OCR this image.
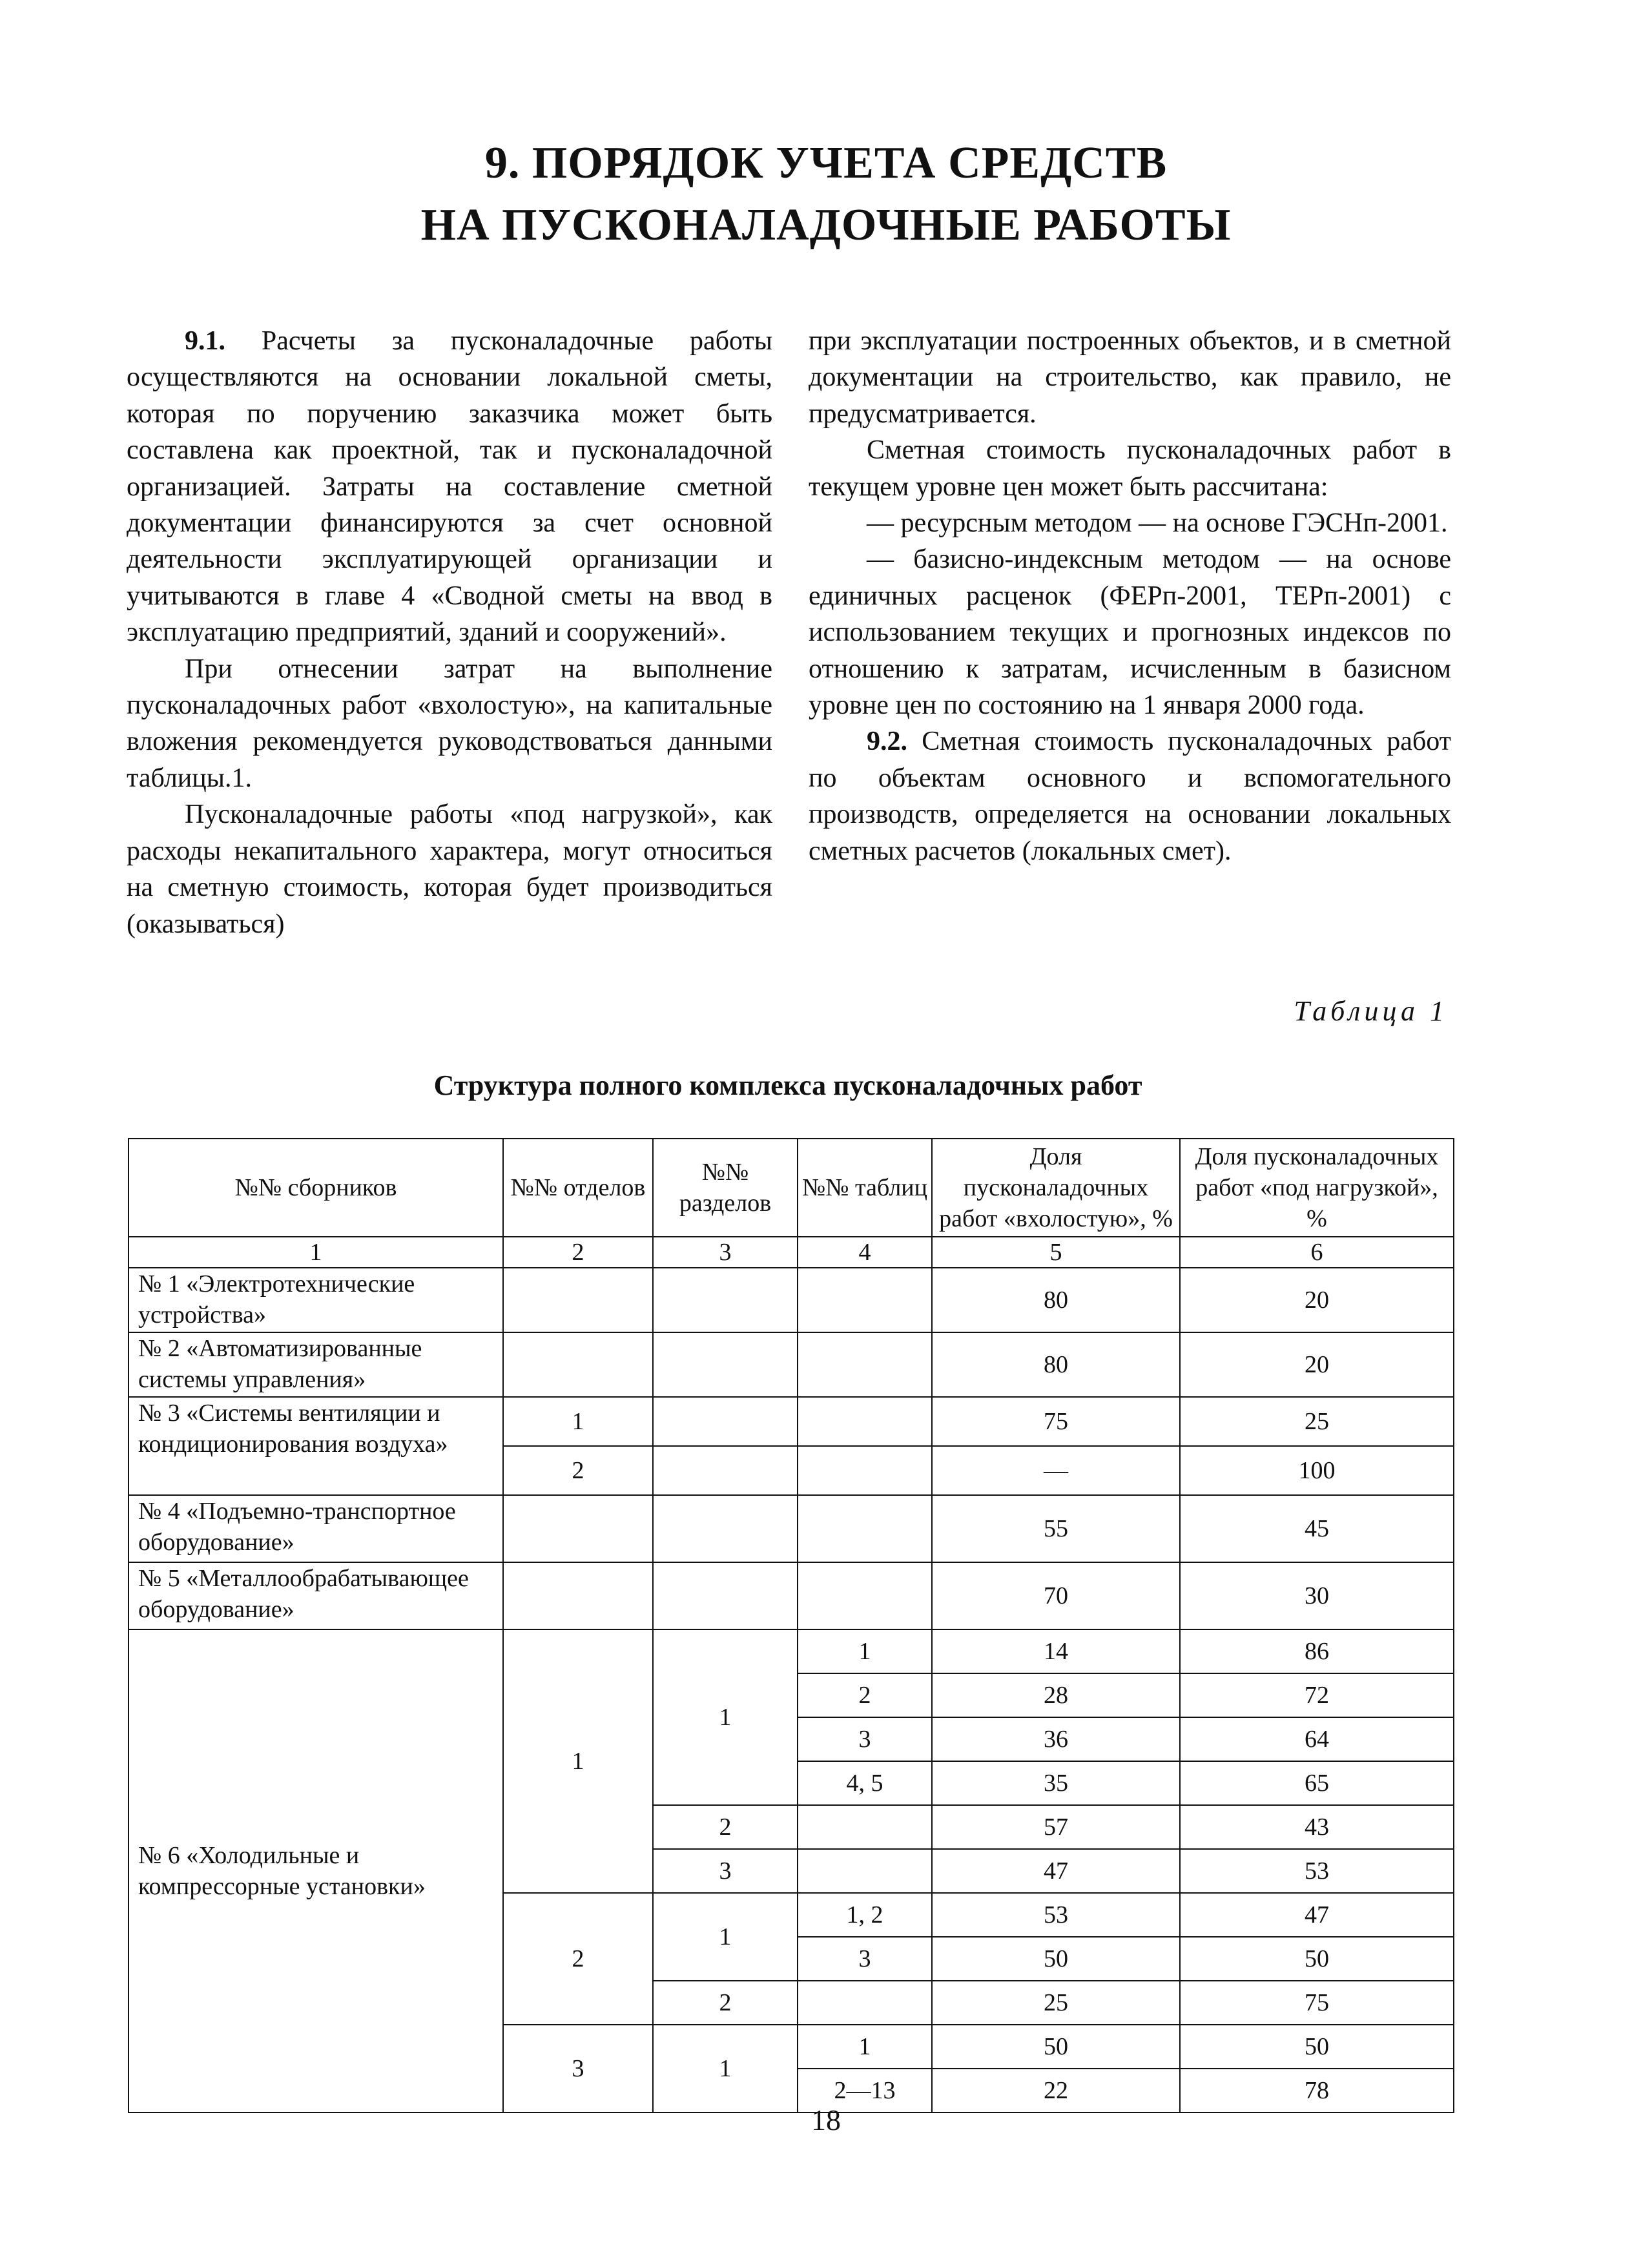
9. ПОРЯДОК УЧЕТА СРЕДСТВ
НА ПУСКОНАЛАДОЧНЫЕ РАБОТЫ

9.1. Расчеты за пусконаладочные работы осуществляются на основании локальной сметы, которая по поручению заказчика может быть составлена как проектной, так и пусконаладочной организацией. Затраты на составление сметной документации финансируются за счет основной деятельности эксплуатирующей организации и учитываются в главе 4 «Сводной сметы на ввод в эксплуатацию предприятий, зданий и сооружений».

При отнесении затрат на выполнение пусконаладочных работ «вхолостую», на капитальные вложения рекомендуется руководствоваться данными таблицы.1.

Пусконаладочные работы «под нагрузкой», как расходы некапитального характера, могут относиться на сметную стоимость, которая будет производиться (оказываться)

при эксплуатации построенных объектов, и в сметной документации на строительство, как правило, не предусматривается.

Сметная стоимость пусконаладочных работ в текущем уровне цен может быть рассчитана:

— ресурсным методом — на основе ГЭСНп-2001.

— базисно-индексным методом — на основе единичных расценок (ФЕРп-2001, ТЕРп-2001) с использованием текущих и прогнозных индексов по отношению к затратам, исчисленным в базисном уровне цен по состоянию на 1 января 2000 года.

9.2. Сметная стоимость пусконаладочных работ по объектам основного и вспомогательного производств, определяется на основании локальных сметных расчетов (локальных смет).

Таблица 1
Структура полного комплекса пусконаладочных работ
№№ сборников	№№ отделов	№№ разделов	№№ таблиц	Доля пусконаладочных работ «вхолостую», %	Доля пусконаладочных работ «под нагрузкой», %
1	2	3	4	5	6
№ 1 «Электротехнические устройства»				80	20
№ 2 «Автоматизированные системы управления»				80	20
№ 3 «Системы вентиляции и кондиционирования воздуха»	1			75	25
	2			—	100
№ 4 «Подъемно-транспортное оборудование»				55	45
№ 5 «Металлообрабатывающее оборудование»				70	30
№ 6 «Холодильные и компрессорные установки»	1	1	1	14	86
			2	28	72
			3	36	64
			4, 5	35	65
		2		57	43
		3		47	53
	2	1	1, 2	53	47
			3	50	50
		2		25	75
	3	1	1	50	50
			2—13	22	78
18
